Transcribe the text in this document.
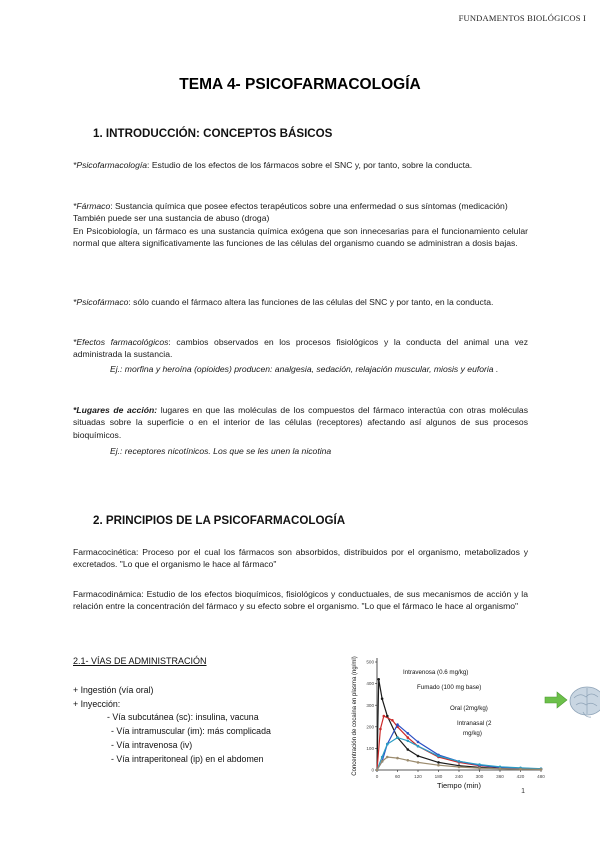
FUNDAMENTOS BIOLÓGICOS I
TEMA 4- PSICOFARMACOLOGÍA
1. INTRODUCCIÓN: CONCEPTOS BÁSICOS
*Psicofarmacología: Estudio de los efectos de los fármacos sobre el SNC y, por tanto, sobre la conducta.
*Fármaco: Sustancia química que posee efectos terapéuticos sobre una enfermedad o sus síntomas (medicación)
También puede ser una sustancia de abuso (droga)
En Psicobiología, un fármaco es una sustancia química exógena que son innecesarias para el funcionamiento celular normal que altera significativamente las funciones de las células del organismo cuando se administran a dosis bajas.
*Psicofármaco: sólo cuando el fármaco altera las funciones de las células del SNC y por tanto, en la conducta.
*Efectos farmacológicos: cambios observados en los procesos fisiológicos y la conducta del animal una vez administrada la sustancia.
Ej.: morfina y heroína (opioides) producen: analgesia, sedación, relajación muscular, miosis y euforia .
*Lugares de acción: lugares en que las moléculas de los compuestos del fármaco interactúa con otras moléculas situadas sobre la superficie o en el interior de las células (receptores) afectando así algunos de sus procesos bioquímicos.
Ej.: receptores nicotínicos. Los que se les unen la nicotina
2. PRINCIPIOS DE LA PSICOFARMACOLOGÍA
Farmacocinética: Proceso por el cual los fármacos son absorbidos, distribuidos por el organismo, metabolizados y excretados. "Lo que el organismo le hace al fármaco"
Farmacodinámica: Estudio de los efectos bioquímicos, fisiológicos y conductuales, de sus mecanismos de acción y la relación entre la concentración del fármaco y su efecto sobre el organismo. "Lo que el fármaco le hace al organismo"
2.1- VÍAS DE ADMINISTRACIÓN
+ Ingestión (vía oral)
+ Inyección:
- Vía subcutánea (sc): insulina, vacuna
- Vía intramuscular (im): más complicada
- Vía intravenosa (iv)
- Vía intraperitoneal (ip) en el abdomen
0	60	120	180	240	300	360	420	480
0
100
200
300
400
500
Tiempo (min)
Concentración de cocaína en plasma (ng/ml)	Intravenosa (0.6 mg/kg)
Fumado (100 mg base)
Oral (2mg/kg)
Intranasal (2
mg/kg)
1
